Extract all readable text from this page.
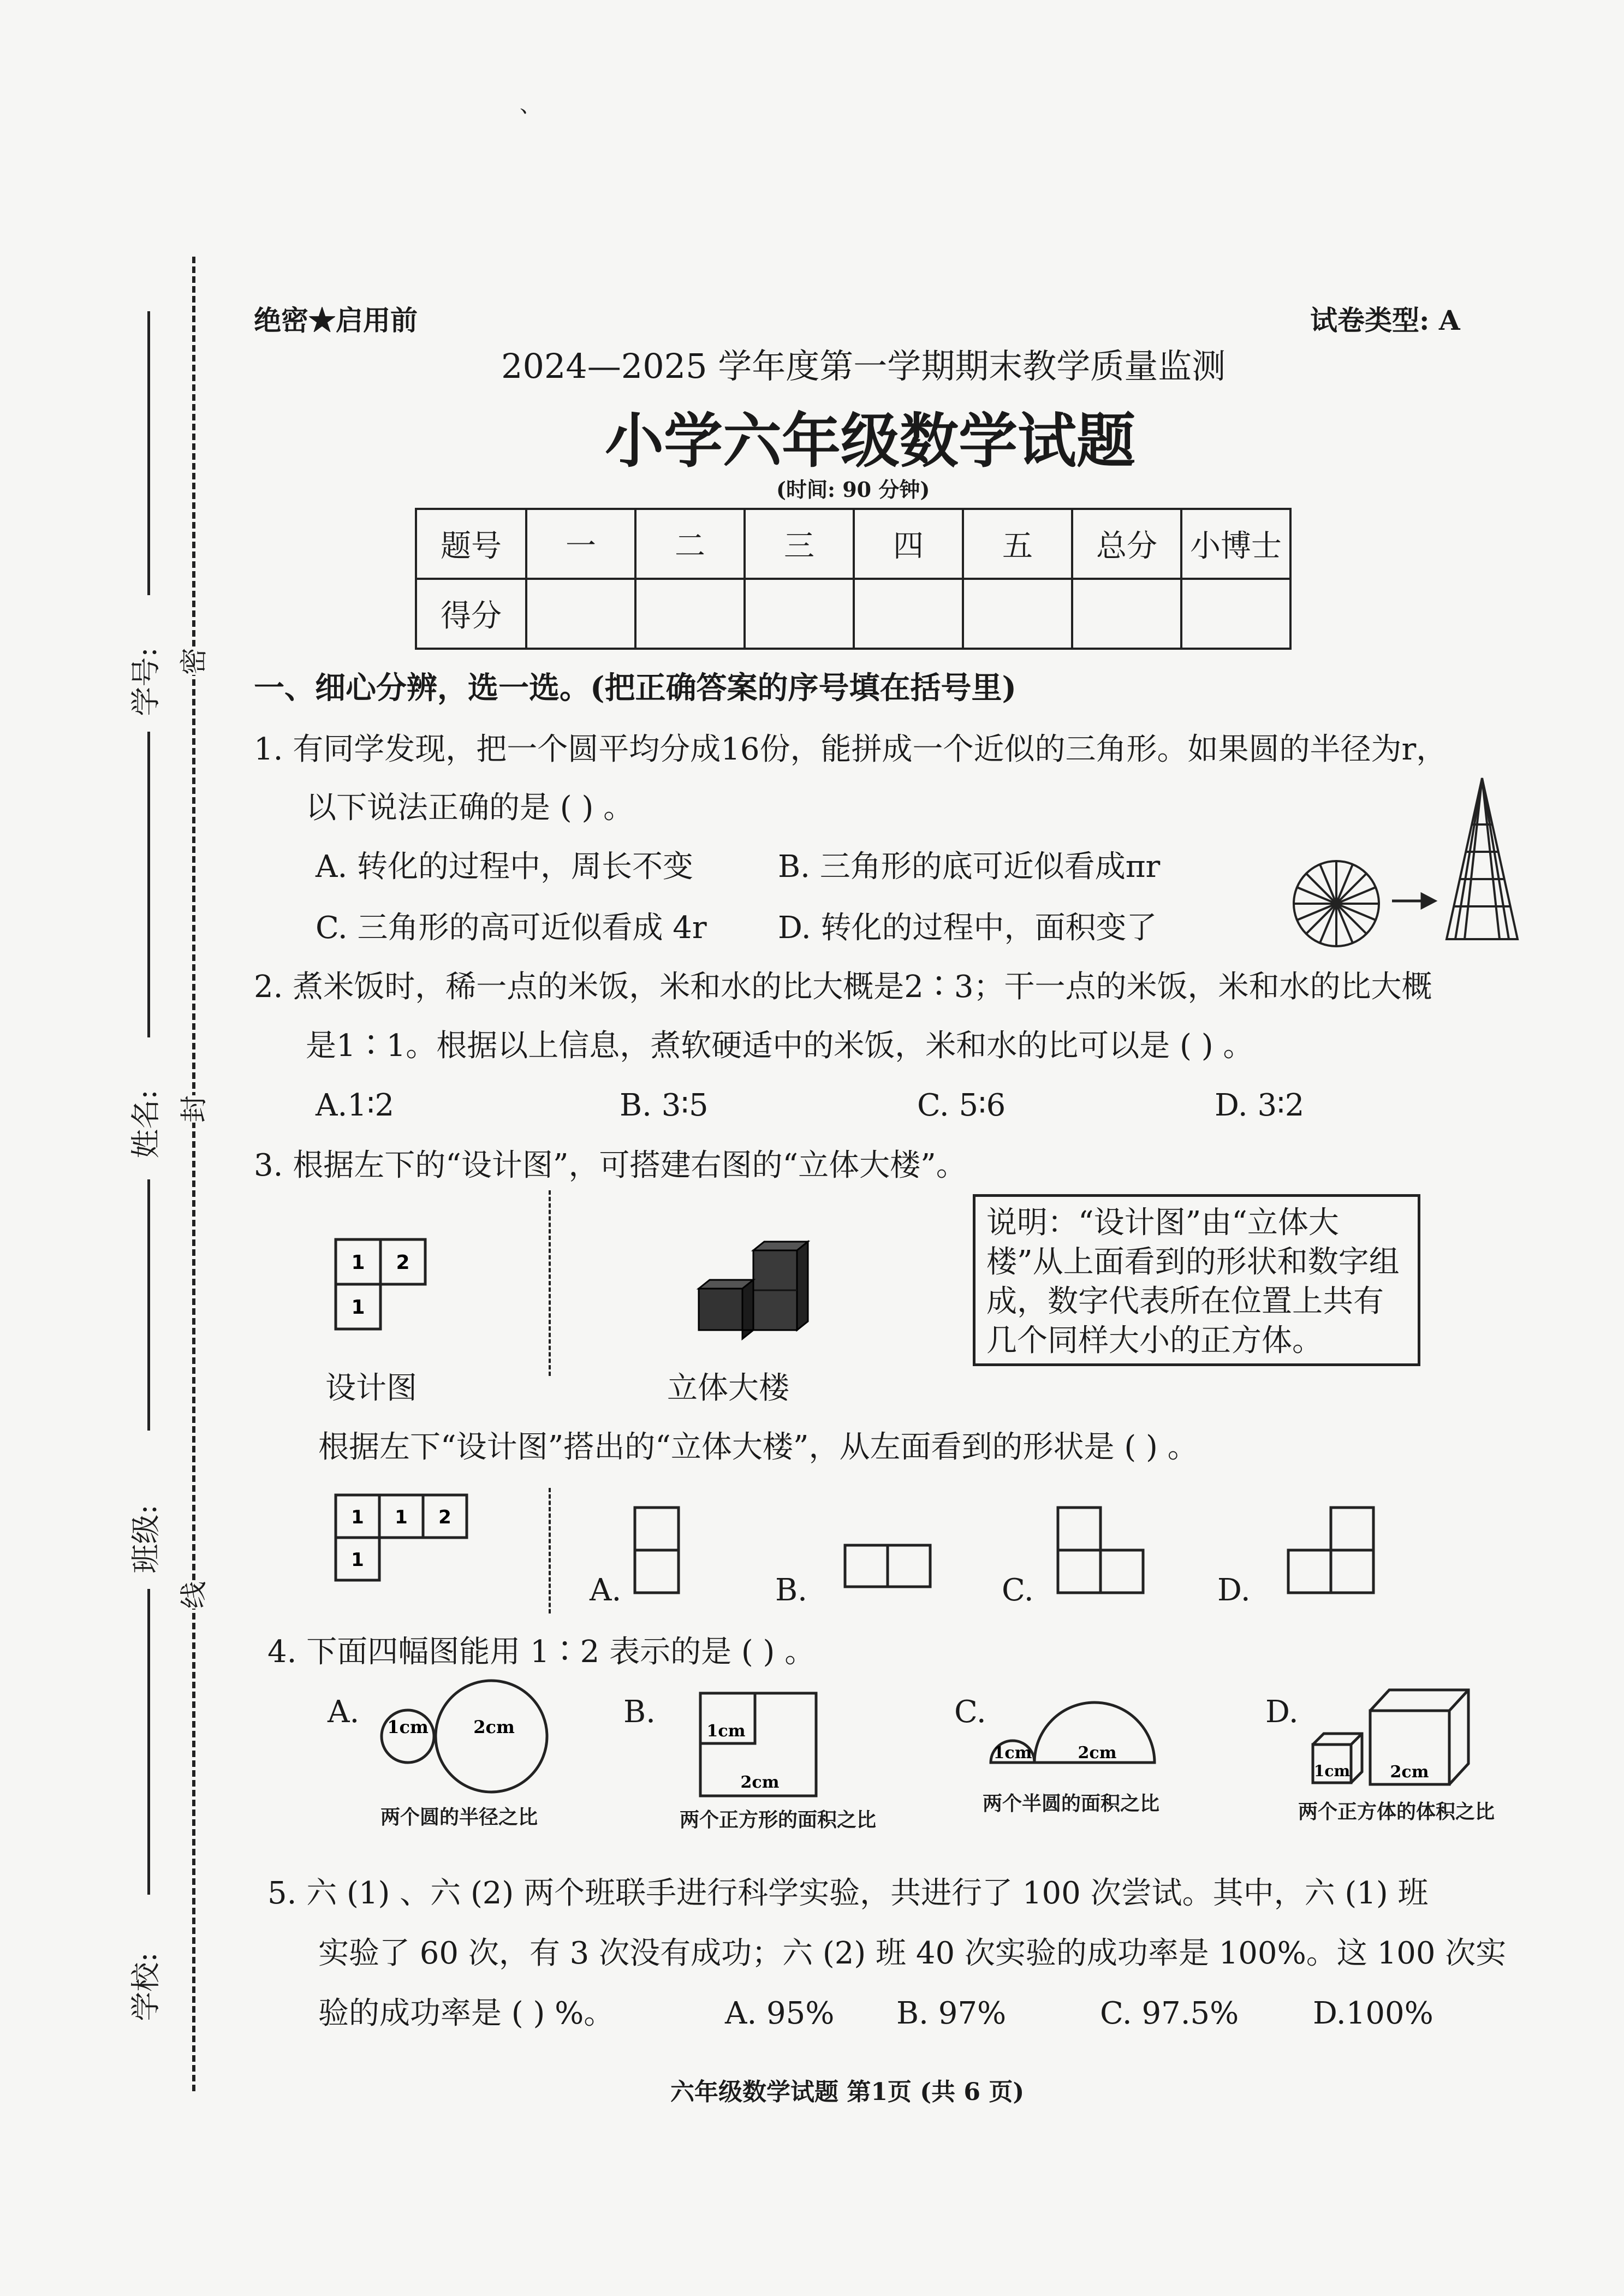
学号:
姓名:
班级:
学校:
密
封
线
、
绝密★启用前	试卷类型: A
2024—2025 学年度第一学期期末教学质量监测
小学六年级数学试题
(时间: 90 分钟)
题号	一	二	三	四	五	总分	小博士
得分							
一、细心分辨，选一选。(把正确答案的序号填在括号里)
1. 有同学发现，把一个圆平均分成16份，能拼成一个近似的三角形。如果圆的半径为r，
以下说法正确的是 ( ) 。
A. 转化的过程中，周长不变	B. 三角形的底可近似看成πr
C. 三角形的高可近似看成 4r D. 转化的过程中，面积变了
2. 煮米饭时，稀一点的米饭，米和水的比大概是2∶3；干一点的米饭，米和水的比大概
是1∶1。根据以上信息，煮软硬适中的米饭，米和水的比可以是 ( ) 。
A.1∶2	B. 3∶5	C. 5∶6	D. 3∶2
3. 根据左下的“设计图”，可搭建右图的“立体大楼”。
1 2
1
说明：“设计图”由“立体大楼”从上面看到的形状和数字组成，数字代表所在位置上共有几个同样大小的正方体。
设计图	立体大楼
根据左下“设计图”搭出的“立体大楼”，从左面看到的形状是 ( ) 。
1 1 2
1
A.	B.	C.	D.
4. 下面四幅图能用 1∶2 表示的是 ( ) 。
A. 1cm	2cm
两个圆的半径之比
B.
1cm
2cm
两个正方形的面积之比
C.
1cm	2cm
两个半圆的面积之比
D.
1cm 2cm
两个正方体的体积之比
5. 六 (1) 、六 (2) 两个班联手进行科学实验，共进行了 100 次尝试。其中，六 (1) 班
实验了 60 次，有 3 次没有成功；六 (2) 班 40 次实验的成功率是 100%。这 100 次实
验的成功率是 ( ) %。	A. 95% B. 97%	C. 97.5% D.100%
六年级数学试题 第1页 (共 6 页)
